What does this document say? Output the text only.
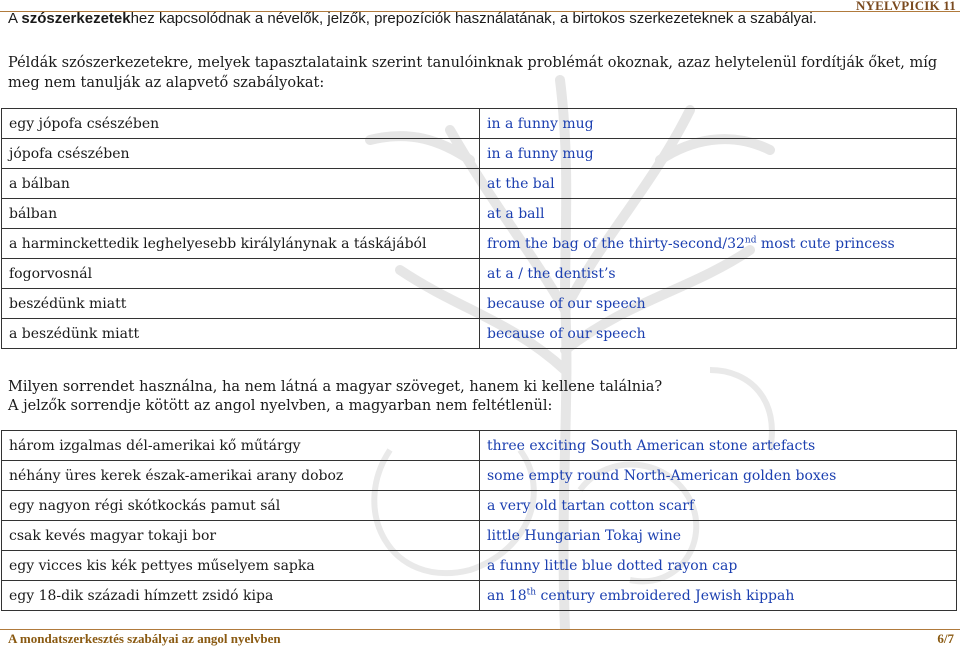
NYELVPICIK 11
A szószerkezetekhez kapcsolódnak a névelők, jelzők, prepozíciók használatának, a birtokos szerkezeteknek a szabályai.
Példák szószerkezetekre, melyek tapasztalataink szerint tanulóinknak problémát okoznak, azaz helytelenül fordítják őket, míg meg nem tanulják az alapvető szabályokat:
egy jópofa csészében	in a funny mug
jópofa csészében	in a funny mug
a bálban	at the bal
bálban	at a ball
a harminckettedik leghelyesebb királylánynak a táskájából	from the bag of the thirty-second/32nd most cute princess
fogorvosnál	at a / the dentist’s
beszédünk miatt	because of our speech
a beszédünk miatt	because of our speech
Milyen sorrendet használna, ha nem látná a magyar szöveget, hanem ki kellene találnia?
A jelzők sorrendje kötött az angol nyelvben, a magyarban nem feltétlenül:
három izgalmas dél-amerikai kő műtárgy	three exciting South American stone artefacts
néhány üres kerek észak-amerikai arany doboz	some empty round North-American golden boxes
egy nagyon régi skótkockás pamut sál	a very old tartan cotton scarf
csak kevés magyar tokaji bor	little Hungarian Tokaj wine
egy vicces kis kék pettyes műselyem sapka	a funny little blue dotted rayon cap
egy 18-dik századi hímzett zsidó kipa	an 18th century embroidered Jewish kippah
A mondatszerkesztés szabályai az angol nyelvben	6/7
